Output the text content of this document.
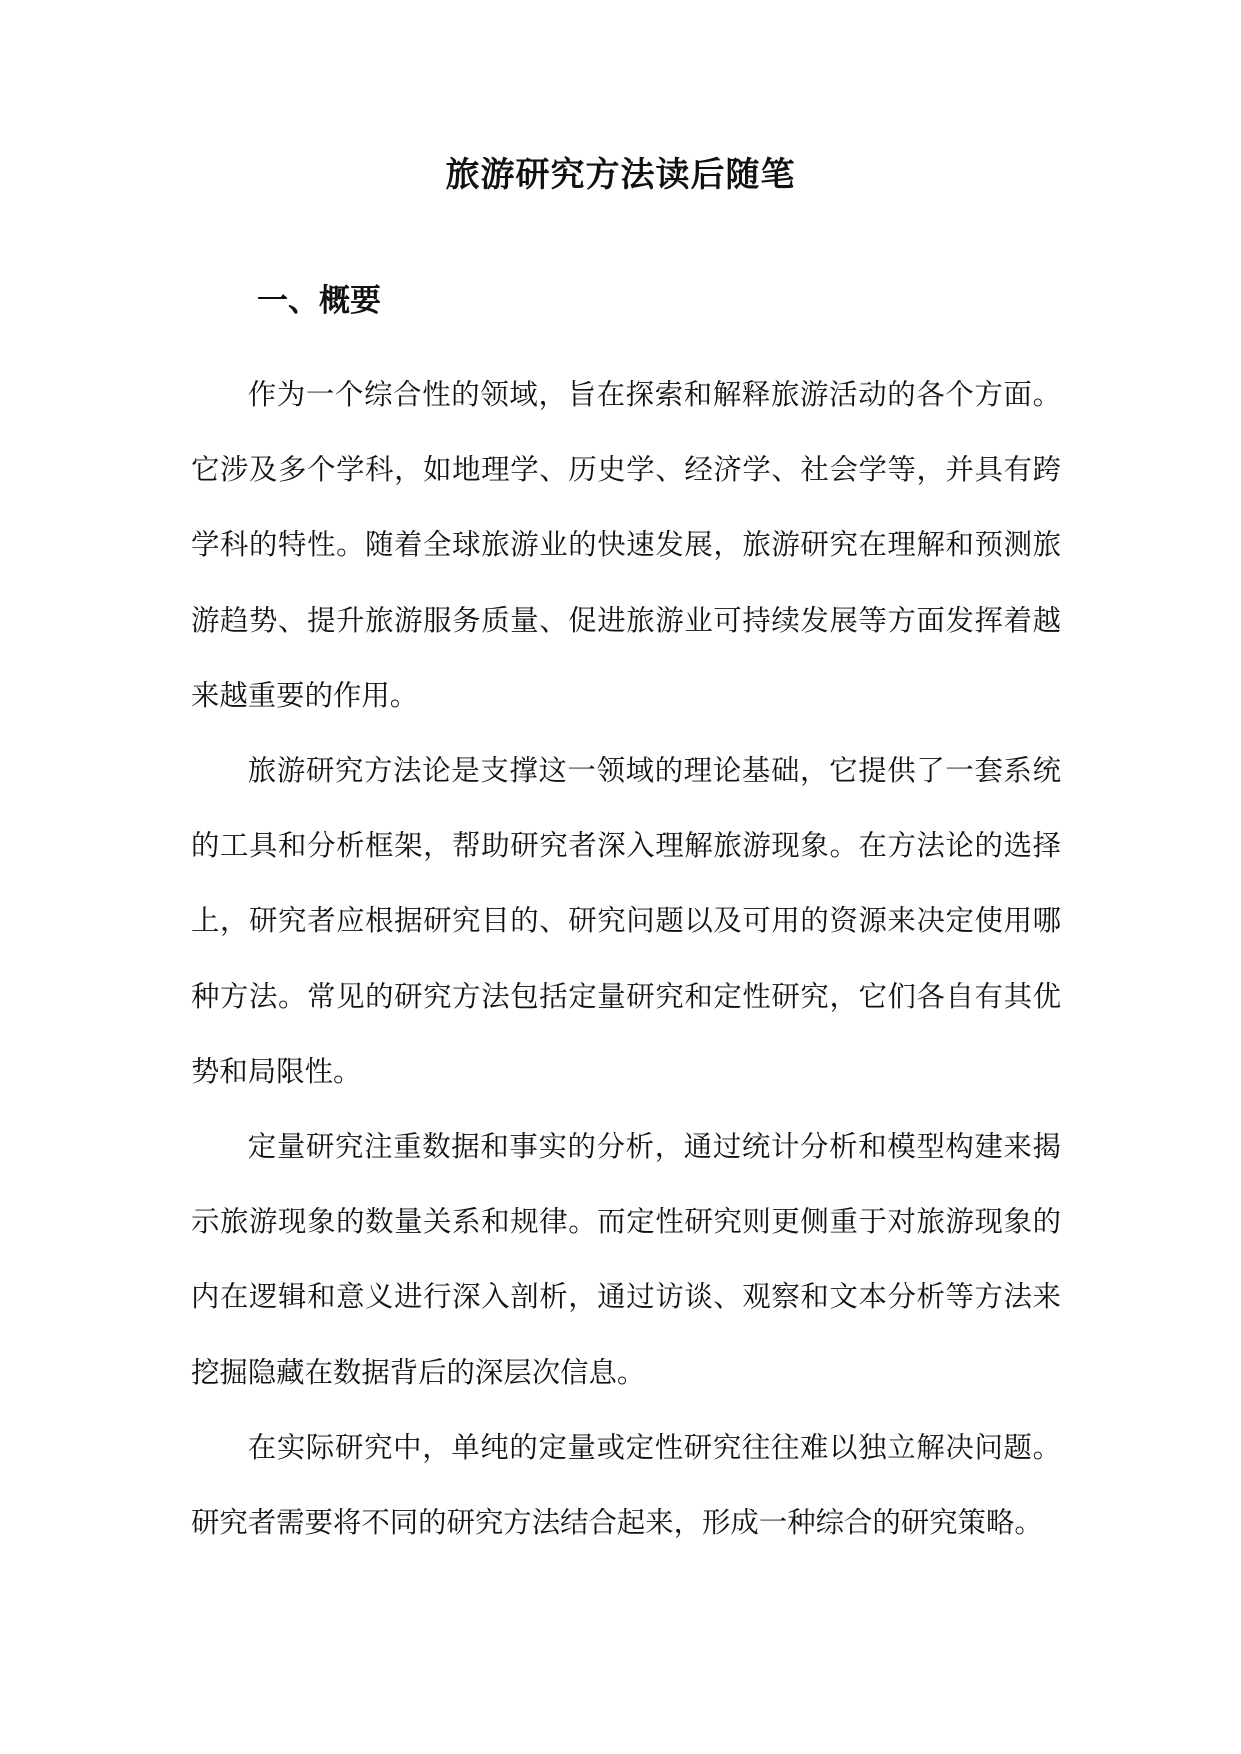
旅游研究方法读后随笔
一、概要

作为一个综合性的领域，旨在探索和解释旅游活动的各个方面。它涉及多个学科，如地理学、历史学、经济学、社会学等，并具有跨学科的特性。随着全球旅游业的快速发展，旅游研究在理解和预测旅游趋势、提升旅游服务质量、促进旅游业可持续发展等方面发挥着越来越重要的作用。

旅游研究方法论是支撑这一领域的理论基础，它提供了一套系统的工具和分析框架，帮助研究者深入理解旅游现象。在方法论的选择上，研究者应根据研究目的、研究问题以及可用的资源来决定使用哪种方法。常见的研究方法包括定量研究和定性研究，它们各自有其优势和局限性。

定量研究注重数据和事实的分析，通过统计分析和模型构建来揭示旅游现象的数量关系和规律。而定性研究则更侧重于对旅游现象的内在逻辑和意义进行深入剖析，通过访谈、观察和文本分析等方法来挖掘隐藏在数据背后的深层次信息。

在实际研究中，单纯的定量或定性研究往往难以独立解决问题。研究者需要将不同的研究方法结合起来，形成一种综合的研究策略。
